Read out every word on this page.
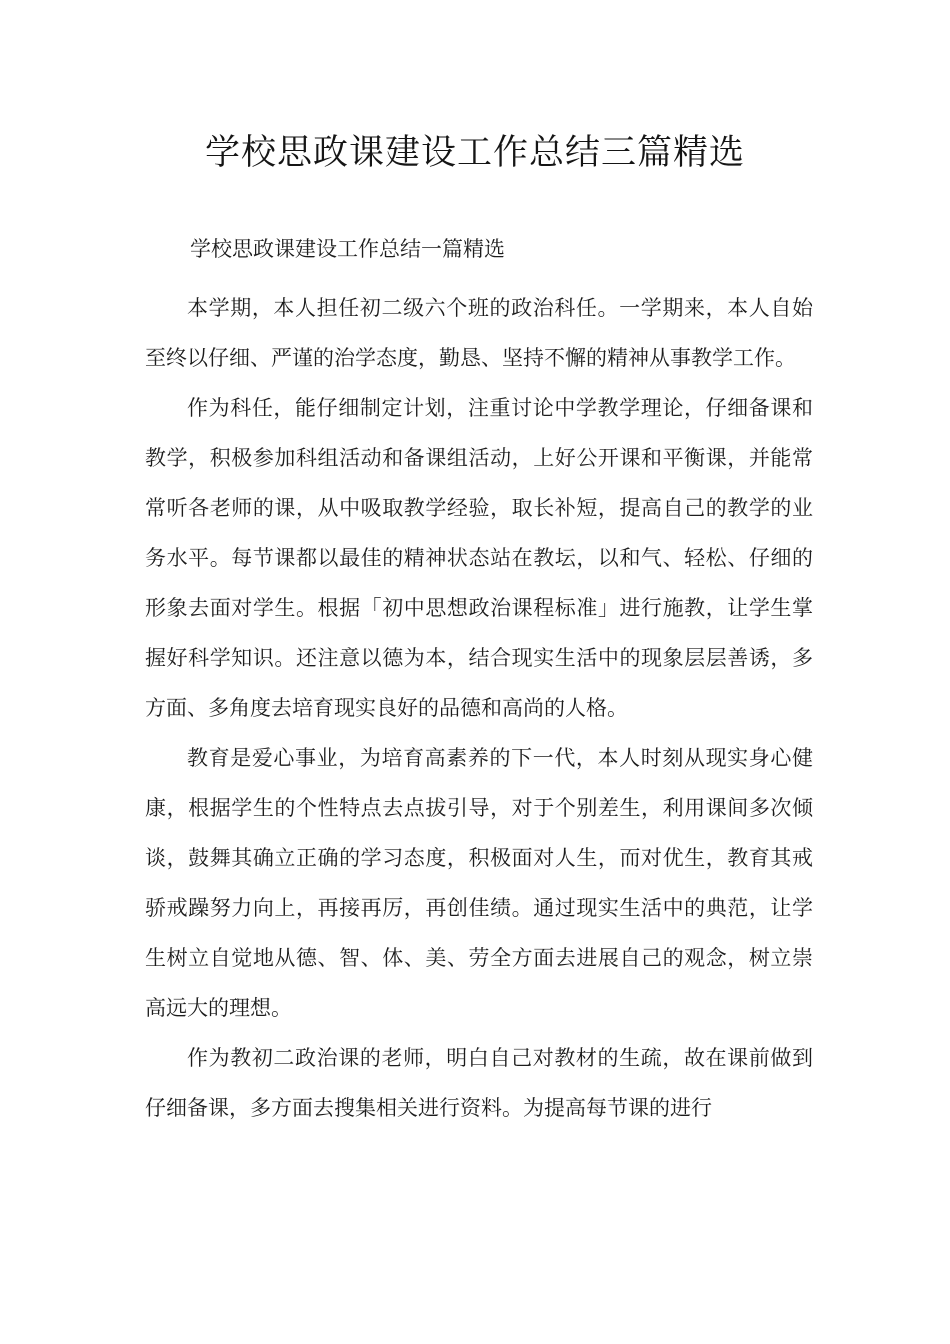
学校思政课建设工作总结三篇精选
学校思政课建设工作总结一篇精选

本学期，本人担任初二级六个班的政治科任。一学期来，本人自始至终以仔细、严谨的治学态度，勤恳、坚持不懈的精神从事教学工作。

作为科任，能仔细制定计划，注重讨论中学教学理论，仔细备课和教学，积极参加科组活动和备课组活动，上好公开课和平衡课，并能常常听各老师的课，从中吸取教学经验，取长补短，提高自己的教学的业务水平。每节课都以最佳的精神状态站在教坛，以和气、轻松、仔细的形象去面对学生。根据「初中思想政治课程标准」进行施教，让学生掌握好科学知识。还注意以德为本，结合现实生活中的现象层层善诱，多方面、多角度去培育现实良好的品德和高尚的人格。

教育是爱心事业，为培育高素养的下一代，本人时刻从现实身心健康，根据学生的个性特点去点拔引导，对于个别差生，利用课间多次倾谈，鼓舞其确立正确的学习态度，积极面对人生，而对优生，教育其戒骄戒躁努力向上，再接再厉，再创佳绩。通过现实生活中的典范，让学生树立自觉地从德、智、体、美、劳全方面去进展自己的观念，树立崇高远大的理想。

作为教初二政治课的老师，明白自己对教材的生疏，故在课前做到仔细备课，多方面去搜集相关进行资料。为提高每节课的进行
